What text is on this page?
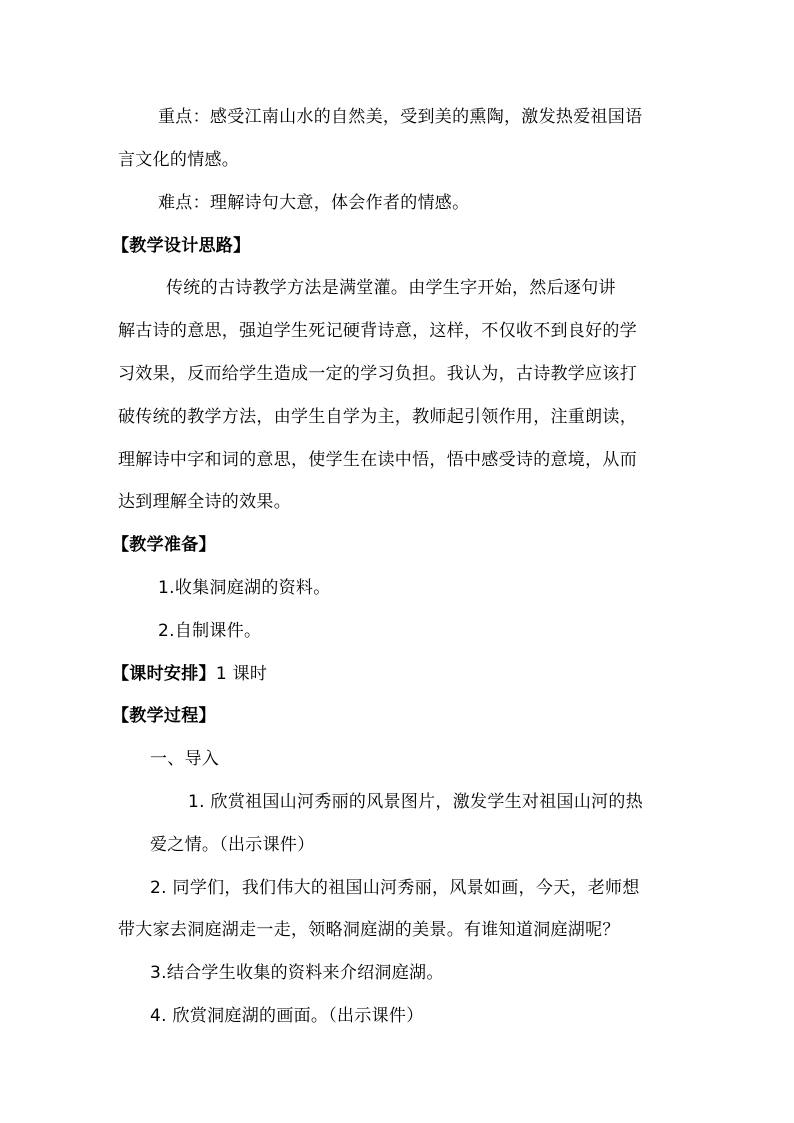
重点：感受江南山水的自然美，受到美的熏陶，激发热爱祖国语
言文化的情感。
难点：理解诗句大意，体会作者的情感。
【教学设计思路】
传统的古诗教学方法是满堂灌。由学生字开始，然后逐句讲
解古诗的意思，强迫学生死记硬背诗意，这样，不仅收不到良好的学
习效果，反而给学生造成一定的学习负担。我认为，古诗教学应该打
破传统的教学方法，由学生自学为主，教师起引领作用，注重朗读，
理解诗中字和词的意思，使学生在读中悟，悟中感受诗的意境，从而
达到理解全诗的效果。
【教学准备】
1.收集洞庭湖的资料。
2.自制课件。
【课时安排】1 课时
【教学过程】
一、导入
1. 欣赏祖国山河秀丽的风景图片，激发学生对祖国山河的热
爱之情。（出示课件）
2. 同学们，我们伟大的祖国山河秀丽，风景如画，今天，老师想
带大家去洞庭湖走一走，领略洞庭湖的美景。有谁知道洞庭湖呢？
3.结合学生收集的资料来介绍洞庭湖。
4. 欣赏洞庭湖的画面。（出示课件）
